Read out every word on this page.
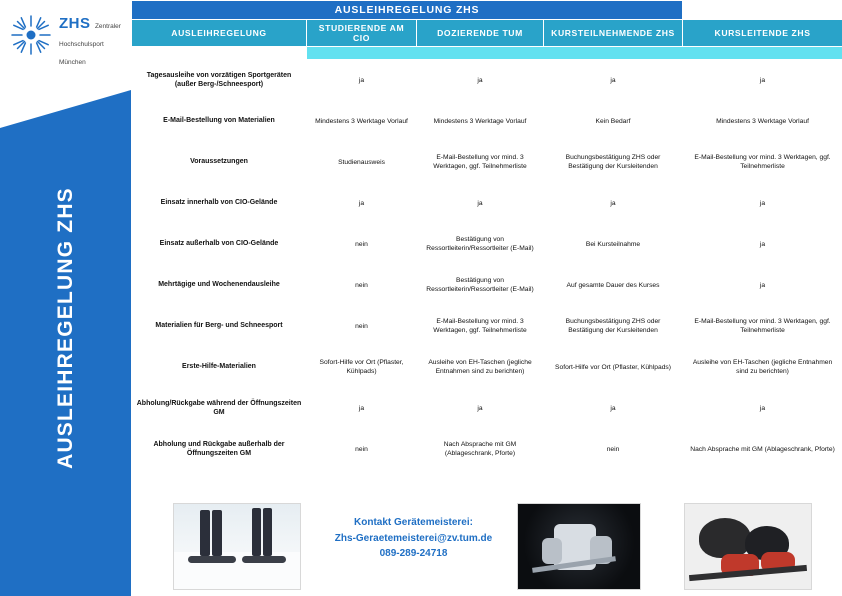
ZHS Zentraler Hochschulsport München
AUSLEIHREGELUNG ZHS
AUSLEIHREGELUNG ZHS				
AUSLEIHREGELUNG	STUDIERENDE AM CIO	DOZIERENDE TUM	KURSTEILNEHMENDE ZHS	KURSLEITENDE ZHS

Tagesausleihe von vorzätigen Sportgeräten (außer Berg-/Schneesport)	ja	ja	ja	ja
E-Mail-Bestellung von Materialien	Mindestens 3 Werktage Vorlauf	Mindestens 3 Werktage Vorlauf	Kein Bedarf	Mindestens 3 Werktage Vorlauf
Voraussetzungen	Studienausweis	E-Mail-Bestellung vor mind. 3 Werktagen, ggf. Teilnehmerliste	Buchungsbestätigung ZHS oder Bestätigung der Kursleitenden	E-Mail-Bestellung vor mind. 3 Werktagen, ggf. Teilnehmerliste
Einsatz innerhalb von CIO-Gelände	ja	ja	ja	ja
Einsatz außerhalb von CIO-Gelände	nein	Bestätigung von Ressortleiterin/Ressortleiter (E-Mail)	Bei Kursteilnahme	ja
Mehrtägige und Wochenendausleihe	nein	Bestätigung von Ressortleiterin/Ressortleiter (E-Mail)	Auf gesamte Dauer des Kurses	ja
Materialien für Berg- und Schneesport	nein	E-Mail-Bestellung vor mind. 3 Werktagen, ggf. Teilnehmerliste	Buchungsbestätigung ZHS oder Bestätigung der Kursleitenden	E-Mail-Bestellung vor mind. 3 Werktagen, ggf. Teilnehmerliste
Erste-Hilfe-Materialien	Sofort-Hilfe vor Ort (Pflaster, Kühlpads)	Ausleihe von EH-Taschen (jegliche Entnahmen sind zu berichten)	Sofort-Hilfe vor Ort (Pflaster, Kühlpads)	Ausleihe von EH-Taschen (jegliche Entnahmen sind zu berichten)
Abholung/Rückgabe während der Öffnungszeiten GM	ja	ja	ja	ja
Abholung und Rückgabe außerhalb der Öffnungszeiten GM	nein	Nach Absprache mit GM (Ablageschrank, Pforte)	nein	Nach Absprache mit GM (Ablageschrank, Pforte)
Kontakt Gerätemeisterei:
Zhs-Geraetemeisterei@zv.tum.de
089-289-24718
